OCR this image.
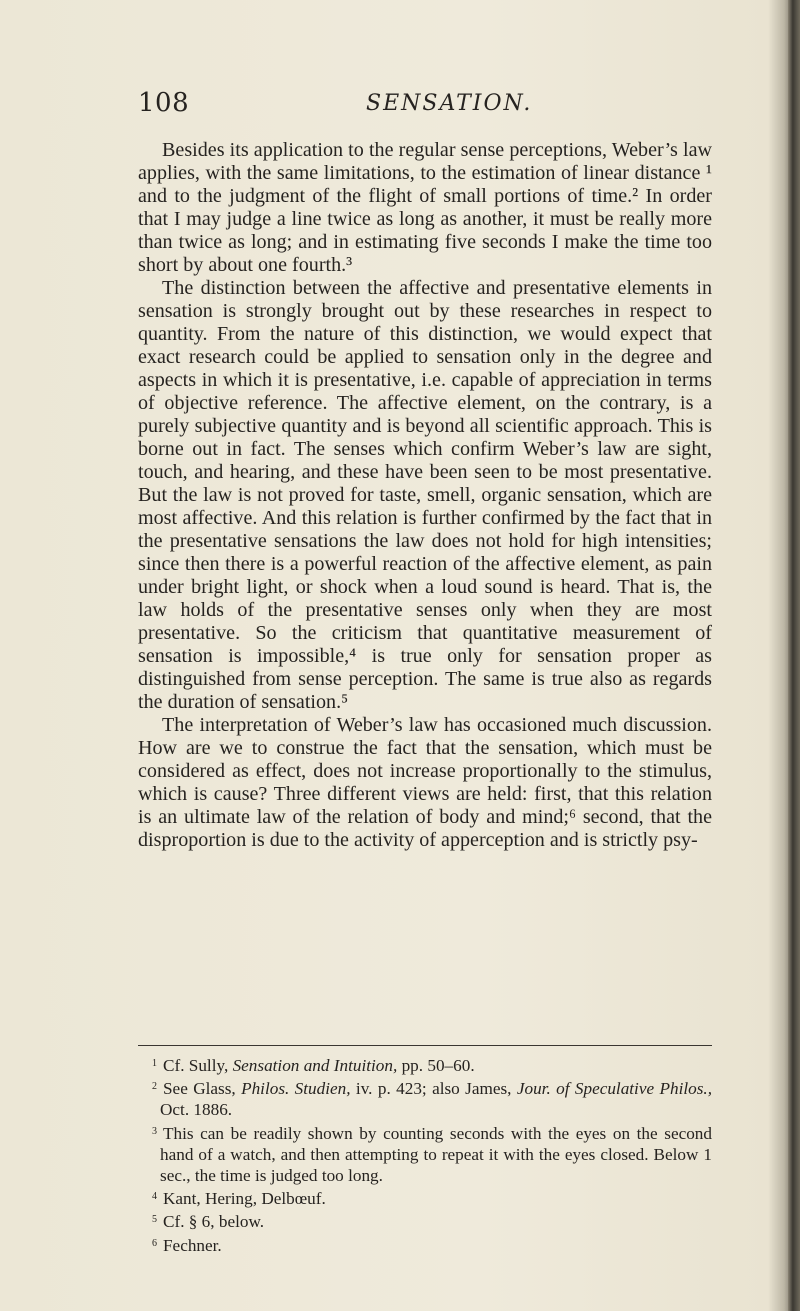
108	SENSATION.

Besides its application to the regular sense perceptions, Weber’s law applies, with the same limitations, to the estimation of linear distance ¹ and to the judgment of the flight of small portions of time.² In order that I may judge a line twice as long as another, it must be really more than twice as long; and in estimating five seconds I make the time too short by about one fourth.³

The distinction between the affective and presentative elements in sensation is strongly brought out by these researches in respect to quantity. From the nature of this distinction, we would expect that exact research could be applied to sensation only in the degree and aspects in which it is presentative, i.e. capable of appreciation in terms of objective reference. The affective element, on the contrary, is a purely subjective quantity and is beyond all scientific approach. This is borne out in fact. The senses which confirm Weber’s law are sight, touch, and hearing, and these have been seen to be most presentative. But the law is not proved for taste, smell, organic sensation, which are most affective. And this relation is further confirmed by the fact that in the presentative sensations the law does not hold for high intensities; since then there is a powerful reaction of the affective element, as pain under bright light, or shock when a loud sound is heard. That is, the law holds of the presentative senses only when they are most presentative. So the criticism that quantitative measurement of sensation is impossible,⁴ is true only for sensation proper as distinguished from sense perception. The same is true also as regards the duration of sensation.⁵

The interpretation of Weber’s law has occasioned much discussion. How are we to construe the fact that the sensation, which must be considered as effect, does not increase proportionally to the stimulus, which is cause? Three different views are held: first, that this relation is an ultimate law of the relation of body and mind;⁶ second, that the disproportion is due to the activity of apperception and is strictly psy-

$^1$ Cf. Sully, Sensation and Intuition, pp. 50–60.

$^2$ See Glass, Philos. Studien, iv. p. 423; also James, Jour. of Speculative Philos., Oct. 1886.

$^3$ This can be readily shown by counting seconds with the eyes on the second hand of a watch, and then attempting to repeat it with the eyes closed. Below 1 sec., the time is judged too long.

$^4$ Kant, Hering, Delbœuf.

$^5$ Cf. § 6, below.

$^6$ Fechner.
